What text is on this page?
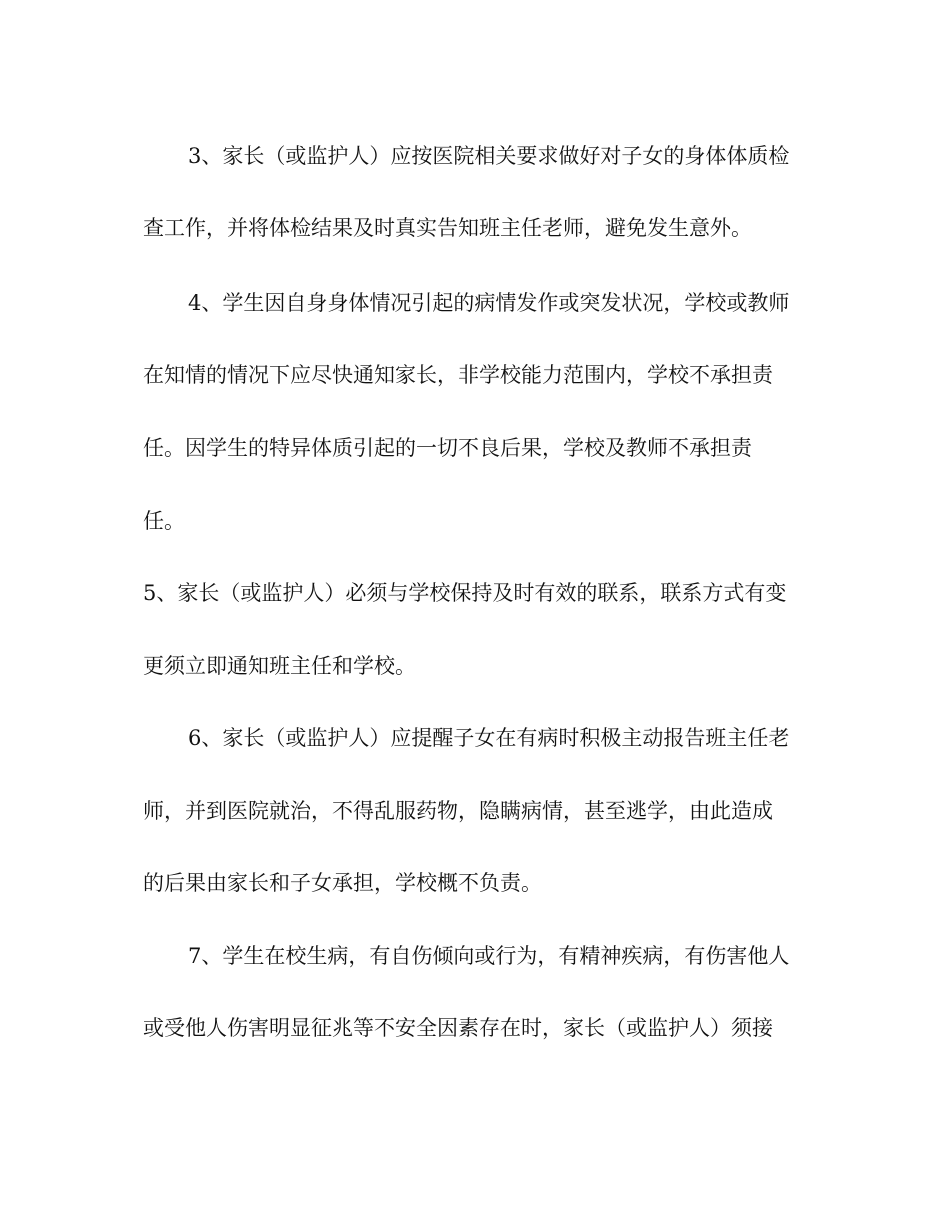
3、家长（或监护人）应按医院相关要求做好对子女的身体体质检
查工作，并将体检结果及时真实告知班主任老师，避免发生意外。
4、学生因自身身体情况引起的病情发作或突发状况，学校或教师
在知情的情况下应尽快通知家长，非学校能力范围内，学校不承担责
任。因学生的特异体质引起的一切不良后果，学校及教师不承担责
任。
5、家长（或监护人）必须与学校保持及时有效的联系，联系方式有变
更须立即通知班主任和学校。
6、家长（或监护人）应提醒子女在有病时积极主动报告班主任老
师，并到医院就治，不得乱服药物，隐瞒病情，甚至逃学，由此造成
的后果由家长和子女承担，学校概不负责。
7、学生在校生病，有自伤倾向或行为，有精神疾病，有伤害他人
或受他人伤害明显征兆等不安全因素存在时，家长（或监护人）须接
